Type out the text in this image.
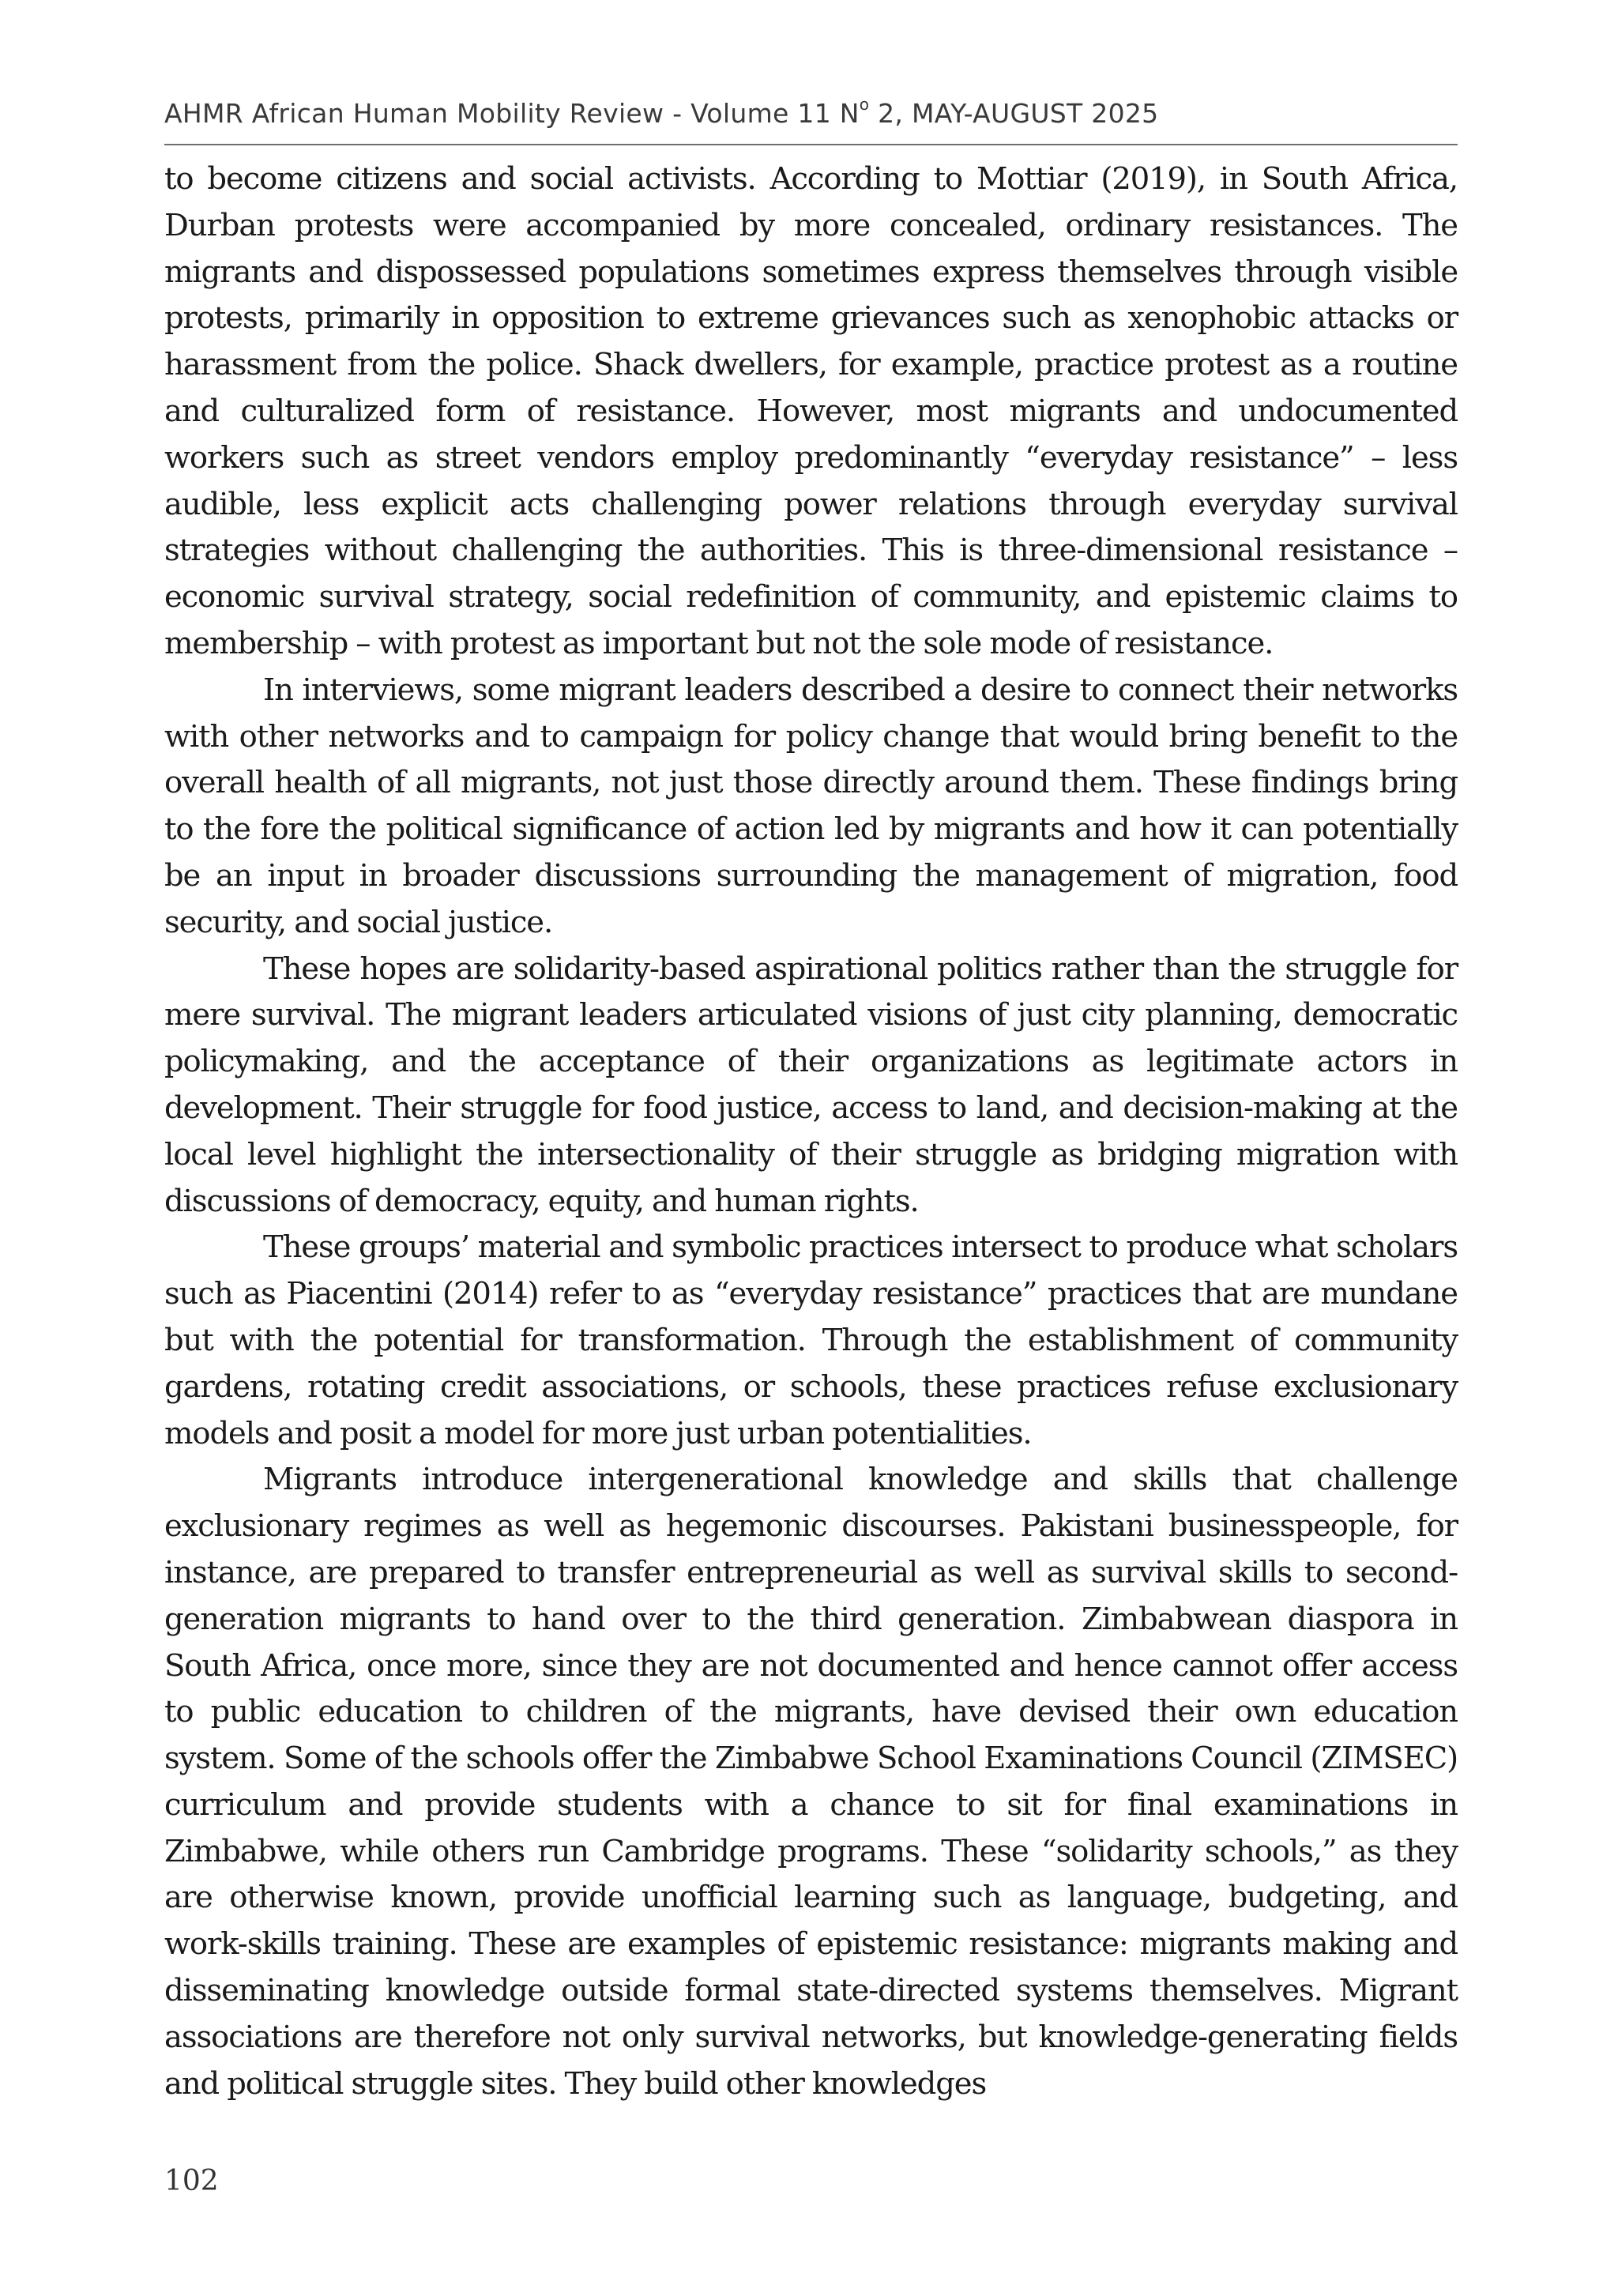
AHMR African Human Mobility Review - Volume 11 $N^o$ 2, MAY-AUGUST 2025

to become citizens and social activists. According to Mottiar (2019), in South Africa, Durban protests were accompanied by more concealed, ordinary resistances. The migrants and dispossessed populations sometimes express themselves through visible protests, primarily in opposition to extreme grievances such as xenophobic attacks or harassment from the police. Shack dwellers, for example, practice protest as a routine and culturalized form of resistance. However, most migrants and undocumented workers such as street vendors employ predominantly “everyday resistance” – less audible, less explicit acts challenging power relations through everyday survival strategies without challenging the authorities. This is three-dimensional resistance – economic survival strategy, social redefinition of community, and epistemic claims to membership – with protest as important but not the sole mode of resistance.

In interviews, some migrant leaders described a desire to connect their networks with other networks and to campaign for policy change that would bring benefit to the overall health of all migrants, not just those directly around them. These findings bring to the fore the political significance of action led by migrants and how it can potentially be an input in broader discussions surrounding the management of migration, food security, and social justice.

These hopes are solidarity-based aspirational politics rather than the struggle for mere survival. The migrant leaders articulated visions of just city planning, democratic policymaking, and the acceptance of their organizations as legitimate actors in development. Their struggle for food justice, access to land, and decision-making at the local level highlight the intersectionality of their struggle as bridging migration with discussions of democracy, equity, and human rights.

These groups’ material and symbolic practices intersect to produce what scholars such as Piacentini (2014) refer to as “everyday resistance” practices that are mundane but with the potential for transformation. Through the establishment of community gardens, rotating credit associations, or schools, these practices refuse exclusionary models and posit a model for more just urban potentialities.

Migrants introduce intergenerational knowledge and skills that challenge exclusionary regimes as well as hegemonic discourses. Pakistani businesspeople, for instance, are prepared to transfer entrepreneurial as well as survival skills to second-generation migrants to hand over to the third generation. Zimbabwean diaspora in South Africa, once more, since they are not documented and hence cannot offer access to public education to children of the migrants, have devised their own education system. Some of the schools offer the Zimbabwe School Examinations Council (ZIMSEC) curriculum and provide students with a chance to sit for final examinations in Zimbabwe, while others run Cambridge programs. These “solidarity schools,” as they are otherwise known, provide unofficial learning such as language, budgeting, and work-skills training. These are examples of epistemic resistance: migrants making and disseminating knowledge outside formal state-directed systems themselves. Migrant associations are therefore not only survival networks, but knowledge-generating fields and political struggle sites. They build other knowledges

102
